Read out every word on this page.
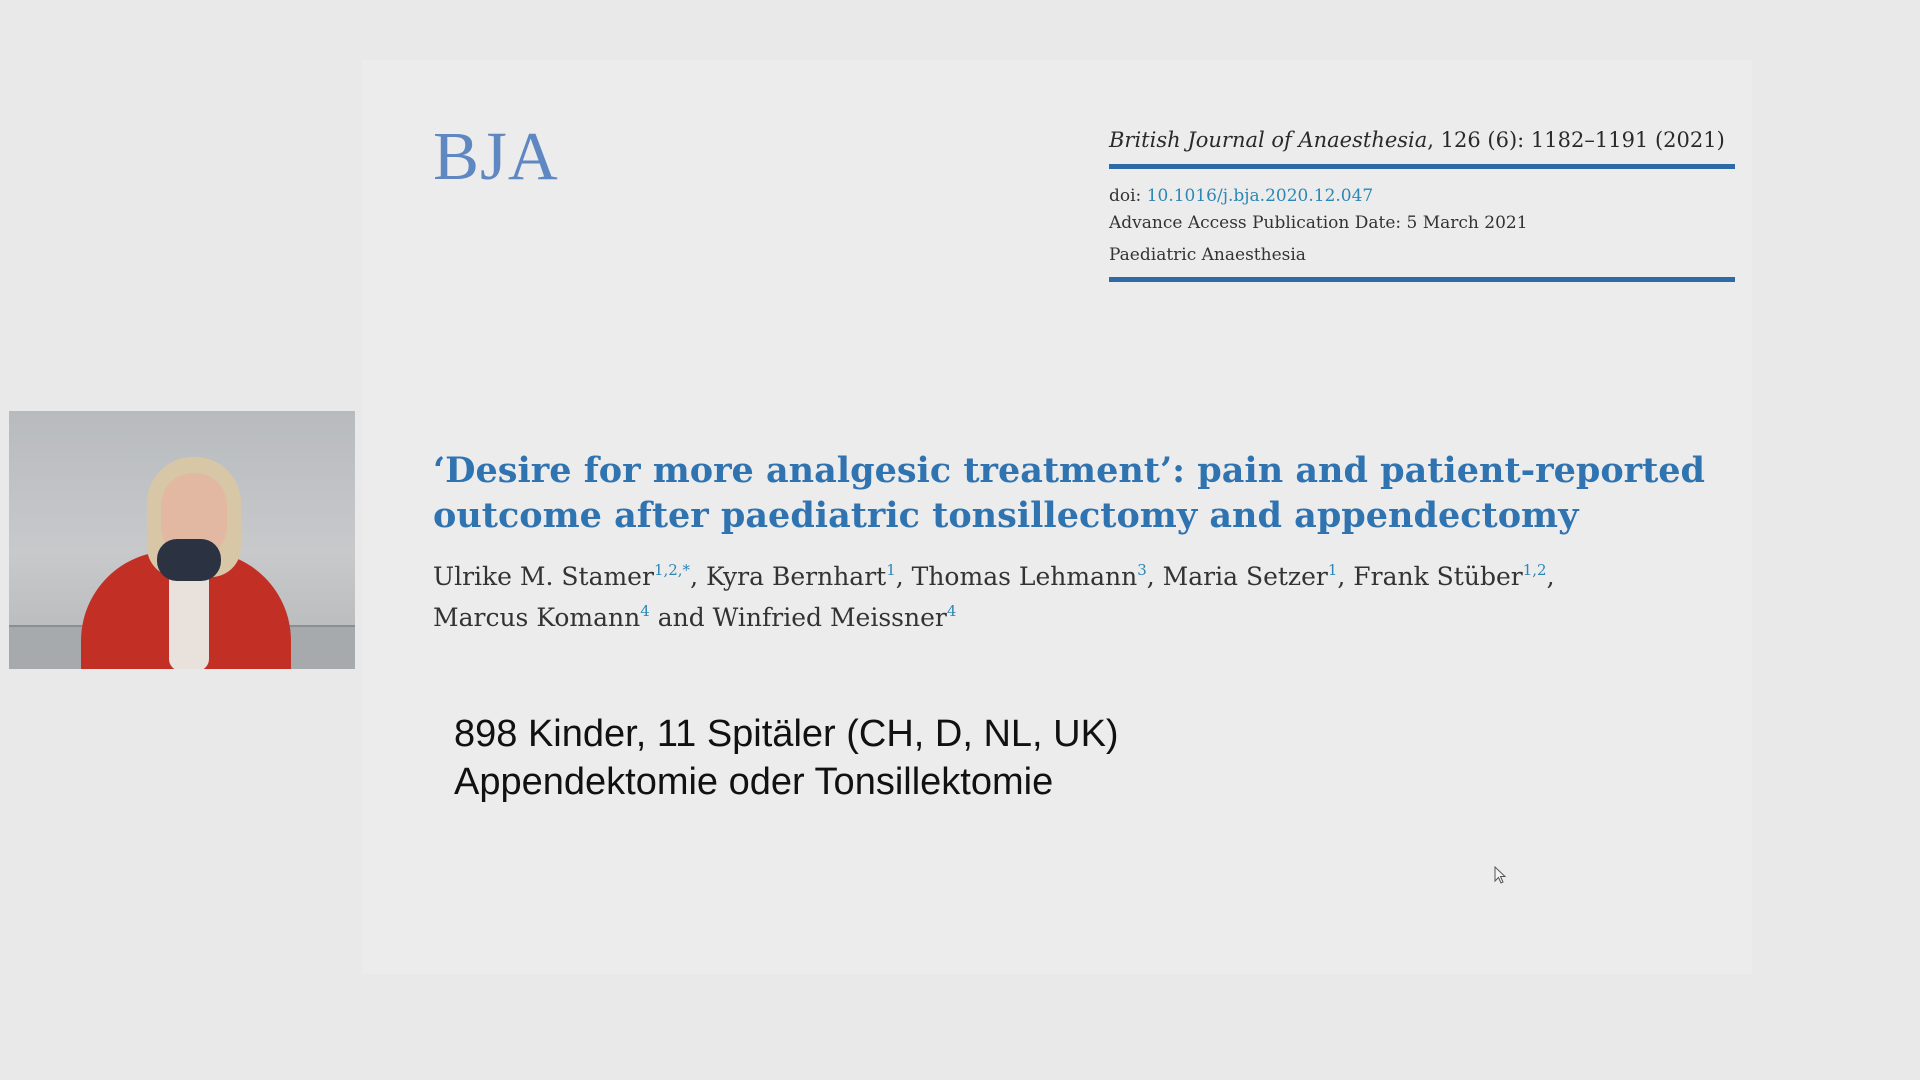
BJA	British Journal of Anaesthesia, 126 (6): 1182–1191 (2021)
doi: 10.1016/j.bja.2020.12.047
Advance Access Publication Date: 5 March 2021
Paediatric Anaesthesia
‘Desire for more analgesic treatment’: pain and patient-reported outcome after paediatric tonsillectomy and appendectomy
Ulrike M. Stamer$^{1,2,*}$, Kyra Bernhart$^1$, Thomas Lehmann$^3$, Maria Setzer$^1$, Frank Stüber$^{1,2}$,
Marcus Komann$^4$ and Winfried Meissner$^4$
898 Kinder, 11 Spitäler (CH, D, NL, UK)
Appendektomie oder Tonsillektomie
